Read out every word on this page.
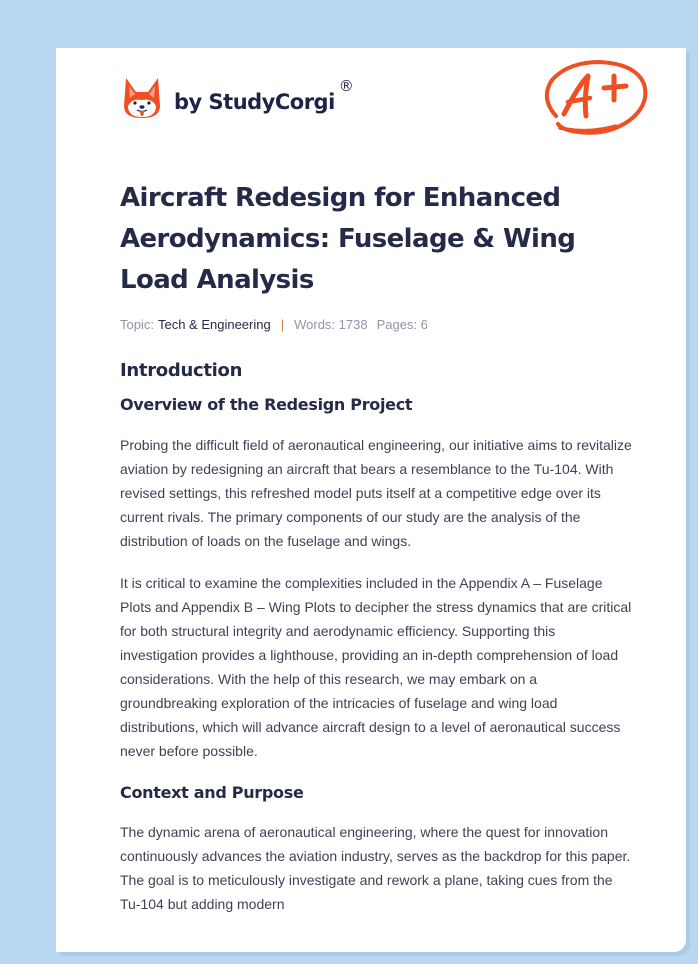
by StudyCorgi
®
Aircraft Redesign for Enhanced Aerodynamics: Fuselage & Wing Load Analysis
Topic: Tech & Engineering | Words: 1738 Pages: 6
Introduction
Overview of the Redesign Project

Probing the difficult field of aeronautical engineering, our initiative aims to revitalize aviation by redesigning an aircraft that bears a resemblance to the Tu-104. With revised settings, this refreshed model puts itself at a competitive edge over its current rivals. The primary components of our study are the analysis of the distribution of loads on the fuselage and wings.

It is critical to examine the complexities included in the Appendix A – Fuselage Plots and Appendix B – Wing Plots to decipher the stress dynamics that are critical for both structural integrity and aerodynamic efficiency. Supporting this investigation provides a lighthouse, providing an in-depth comprehension of load considerations. With the help of this research, we may embark on a groundbreaking exploration of the intricacies of fuselage and wing load distributions, which will advance aircraft design to a level of aeronautical success never before possible.

Context and Purpose

The dynamic arena of aeronautical engineering, where the quest for innovation continuously advances the aviation industry, serves as the backdrop for this paper. The goal is to meticulously investigate and rework a plane, taking cues from the Tu-104 but adding modern
